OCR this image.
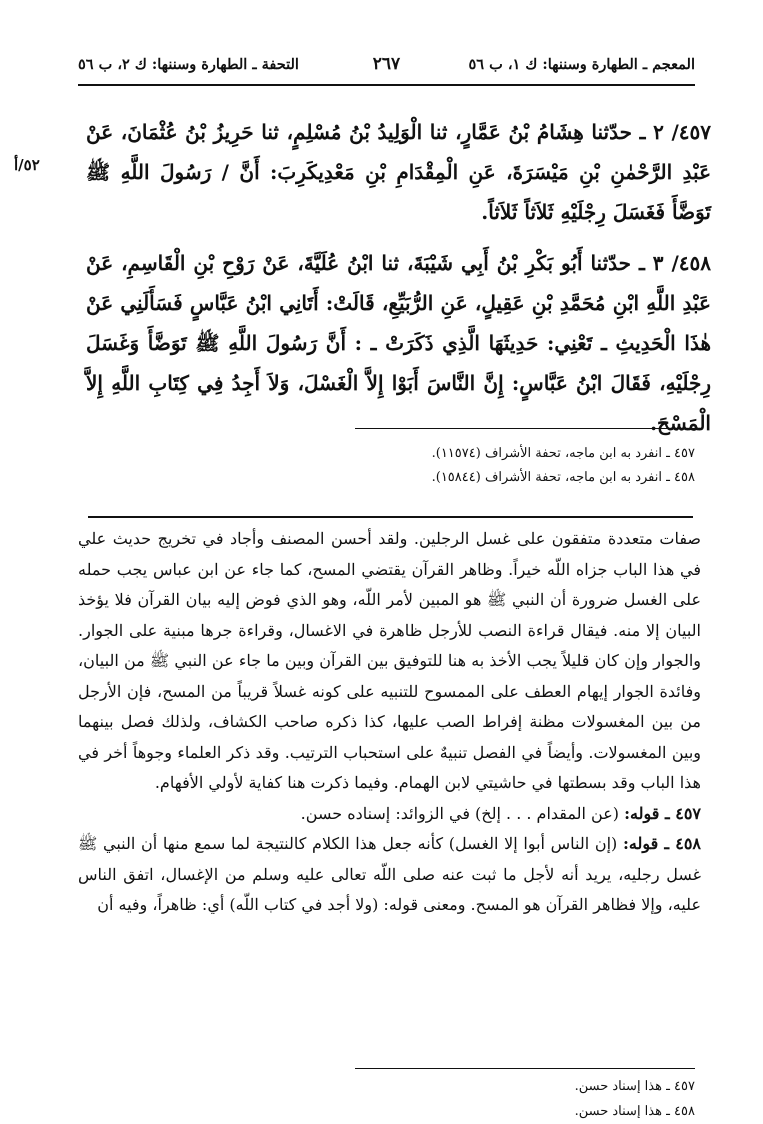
المعجم ـ الطهارة وسننها: ك ١، ب ٥٦
٢٦٧
التحفة ـ الطهارة وسننها: ك ٢، ب ٥٦
٥٢/أ
٤٥٧/ ٢ ـ حدّثنا هِشَامُ بْنُ عَمَّارٍ، ثنا الْوَلِيدُ بْنُ مُسْلِمٍ، ثنا حَرِيزُ بْنُ عُثْمَانَ، عَنْ عَبْدِ الرَّحْمٰنِ بْنِ مَيْسَرَةَ، عَنِ الْمِقْدَامِ بْنِ مَعْدِيكَرِبَ: أَنَّ / رَسُولَ اللَّهِ ﷺ تَوَضَّأَ فَغَسَلَ رِجْلَيْهِ ثَلاَثاً ثَلاَثاً.
٤٥٨/ ٣ ـ حدّثنا أَبُو بَكْرِ بْنُ أَبِي شَيْبَةَ، ثنا ابْنُ عُلَيَّةَ، عَنْ رَوْحِ بْنِ الْقَاسِمِ، عَنْ عَبْدِ اللَّهِ ابْنِ مُحَمَّدِ بْنِ عَقِيلٍ، عَنِ الرُّبَيِّعِ، قَالَتْ: أَتَانِي ابْنُ عَبَّاسٍ فَسَأَلَنِي عَنْ هٰذَا الْحَدِيثِ ـ تَعْنِي: حَدِيثَهَا الَّذِي ذَكَرَتْ ـ : أَنَّ رَسُولَ اللَّهِ ﷺ تَوَضَّأَ وَغَسَلَ رِجْلَيْهِ، فَقَالَ ابْنُ عَبَّاسٍ: إِنَّ النَّاسَ أَبَوْا إِلاَّ الْغَسْلَ، وَلاَ أَجِدُ فِي كِتَابِ اللَّهِ إِلاَّ الْمَسْحَ.
٤٥٧ ـ انفرد به ابن ماجه، تحفة الأشراف (١١٥٧٤).
٤٥٨ ـ انفرد به ابن ماجه، تحفة الأشراف (١٥٨٤٤).

صفات متعددة متفقون على غسل الرجلين. ولقد أحسن المصنف وأجاد في تخريج حديث علي في هذا الباب جزاه اللّه خيراً. وظاهر القرآن يقتضي المسح، كما جاء عن ابن عباس يجب حمله على الغسل ضرورة أن النبي ﷺ هو المبين لأمر اللّه، وهو الذي فوض إليه بيان القرآن فلا يؤخذ البيان إلا منه. فيقال قراءة النصب للأرجل ظاهرة في الاغسال، وقراءة جرها مبنية على الجوار. والجوار وإن كان قليلاً يجب الأخذ به هنا للتوفيق بين القرآن وبين ما جاء عن النبي ﷺ من البيان، وفائدة الجوار إيهام العطف على الممسوح للتنبيه على كونه غسلاً قريباً من المسح، فإن الأرجل من بين المغسولات مظنة إفراط الصب عليها، كذا ذكره صاحب الكشاف، ولذلك فصل بينهما وبين المغسولات. وأيضاً في الفصل تنبيهٌ على استحباب الترتيب. وقد ذكر العلماء وجوهاً أخر في هذا الباب وقد بسطتها في حاشيتي لابن الهمام. وفيما ذكرت هنا كفاية لأولي الأفهام.

٤٥٧ ـ قوله: (عن المقدام . . . إلخ) في الزوائد: إسناده حسن.

٤٥٨ ـ قوله: (إن الناس أبوا إلا الغسل) كأنه جعل هذا الكلام كالنتيجة لما سمع منها أن النبي ﷺ غسل رجليه، يريد أنه لأجل ما ثبت عنه صلى اللّه تعالى عليه وسلم من الإغسال، اتفق الناس عليه، وإلا فظاهر القرآن هو المسح. ومعنى قوله: (ولا أجد في كتاب اللّه) أي: ظاهراً، وفيه أن

٤٥٧ ـ هذا إسناد حسن.
٤٥٨ ـ هذا إسناد حسن.
